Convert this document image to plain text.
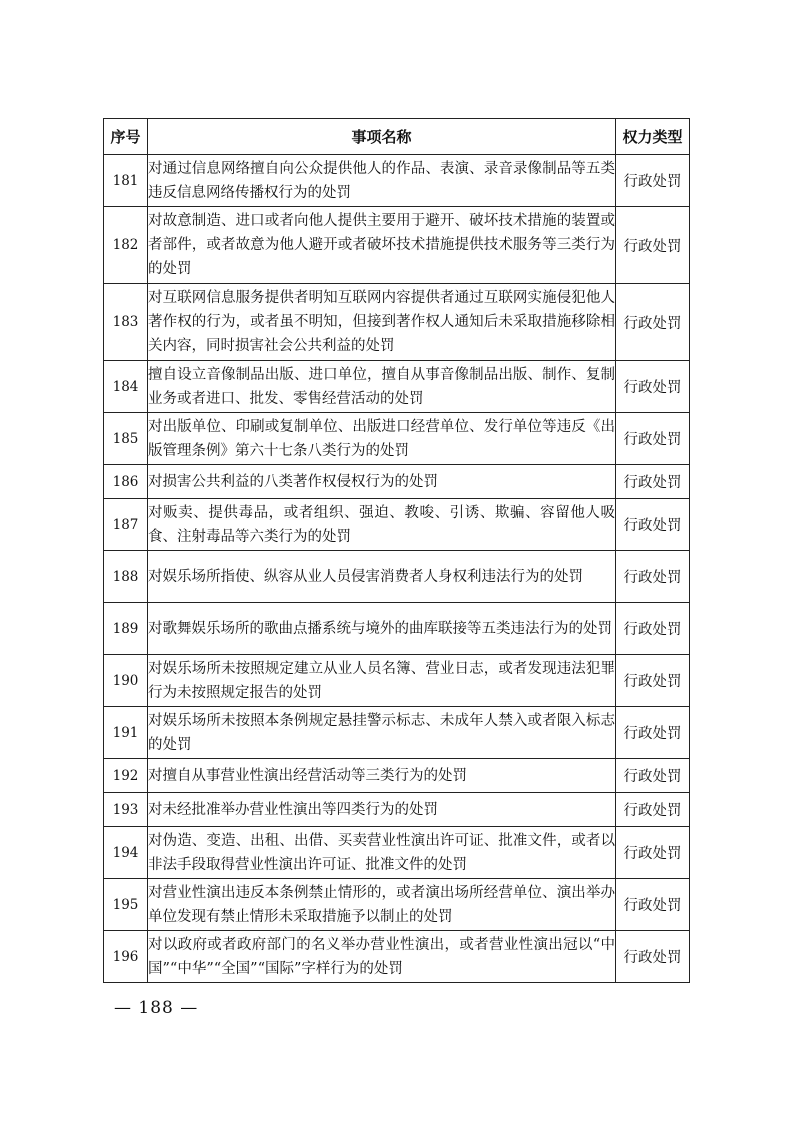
序号	事项名称	权力类型
181	对通过信息网络擅自向公众提供他人的作品、表演、录音录像制品等五类违反信息网络传播权行为的处罚	行政处罚
182	对故意制造、进口或者向他人提供主要用于避开、破坏技术措施的装置或者部件，或者故意为他人避开或者破坏技术措施提供技术服务等三类行为的处罚	行政处罚
183	对互联网信息服务提供者明知互联网内容提供者通过互联网实施侵犯他人著作权的行为，或者虽不明知，但接到著作权人通知后未采取措施移除相关内容，同时损害社会公共利益的处罚	行政处罚
184	擅自设立音像制品出版、进口单位，擅自从事音像制品出版、制作、复制业务或者进口、批发、零售经营活动的处罚	行政处罚
185	对出版单位、印刷或复制单位、出版进口经营单位、发行单位等违反《出版管理条例》第六十七条八类行为的处罚	行政处罚
186	对损害公共利益的八类著作权侵权行为的处罚	行政处罚
187	对贩卖、提供毒品，或者组织、强迫、教唆、引诱、欺骗、容留他人吸食、注射毒品等六类行为的处罚	行政处罚
188	对娱乐场所指使、纵容从业人员侵害消费者人身权利违法行为的处罚	行政处罚
189	对歌舞娱乐场所的歌曲点播系统与境外的曲库联接等五类违法行为的处罚	行政处罚
190	对娱乐场所未按照规定建立从业人员名簿、营业日志，或者发现违法犯罪行为未按照规定报告的处罚	行政处罚
191	对娱乐场所未按照本条例规定悬挂警示标志、未成年人禁入或者限入标志的处罚	行政处罚
192	对擅自从事营业性演出经营活动等三类行为的处罚	行政处罚
193	对未经批准举办营业性演出等四类行为的处罚	行政处罚
194	对伪造、变造、出租、出借、买卖营业性演出许可证、批准文件，或者以非法手段取得营业性演出许可证、批准文件的处罚	行政处罚
195	对营业性演出违反本条例禁止情形的，或者演出场所经营单位、演出举办单位发现有禁止情形未采取措施予以制止的处罚	行政处罚
196	对以政府或者政府部门的名义举办营业性演出，或者营业性演出冠以“中国”“中华”“全国”“国际”字样行为的处罚	行政处罚
— 188 —
